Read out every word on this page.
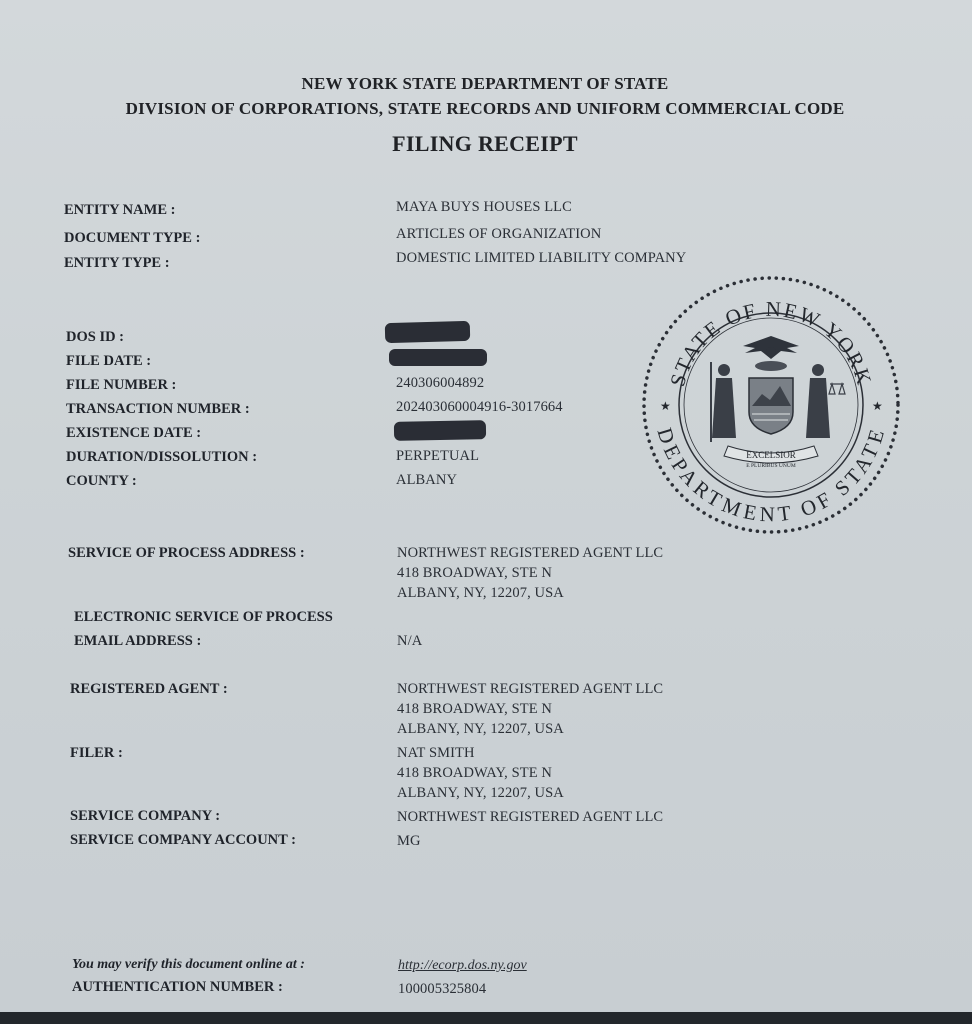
NEW YORK STATE DEPARTMENT OF STATE
DIVISION OF CORPORATIONS, STATE RECORDS AND UNIFORM COMMERCIAL CODE
FILING RECEIPT
ENTITY NAME :	MAYA BUYS HOUSES LLC
DOCUMENT TYPE :	ARTICLES OF ORGANIZATION
ENTITY TYPE :	DOMESTIC LIMITED LIABILITY COMPANY
DOS ID :
FILE DATE :
FILE NUMBER :	240306004892
TRANSACTION NUMBER :	202403060004916-3017664
EXISTENCE DATE :
DURATION/DISSOLUTION :	PERPETUAL
COUNTY :	ALBANY
SERVICE OF PROCESS ADDRESS :	NORTHWEST REGISTERED AGENT LLC
418 BROADWAY, STE N
ALBANY, NY, 12207, USA
ELECTRONIC SERVICE OF PROCESS
EMAIL ADDRESS :	N/A
REGISTERED AGENT :	NORTHWEST REGISTERED AGENT LLC
418 BROADWAY, STE N
ALBANY, NY, 12207, USA
FILER :	NAT SMITH
418 BROADWAY, STE N
ALBANY, NY, 12207, USA
SERVICE COMPANY :	NORTHWEST REGISTERED AGENT LLC
SERVICE COMPANY ACCOUNT :	MG
You may verify this document online at :	http://ecorp.dos.ny.gov
AUTHENTICATION NUMBER :	100005325804
STATE OF NEW YORK
DEPARTMENT OF STATE
★	★
EXCELSIOR
E PLURIBUS UNUM
